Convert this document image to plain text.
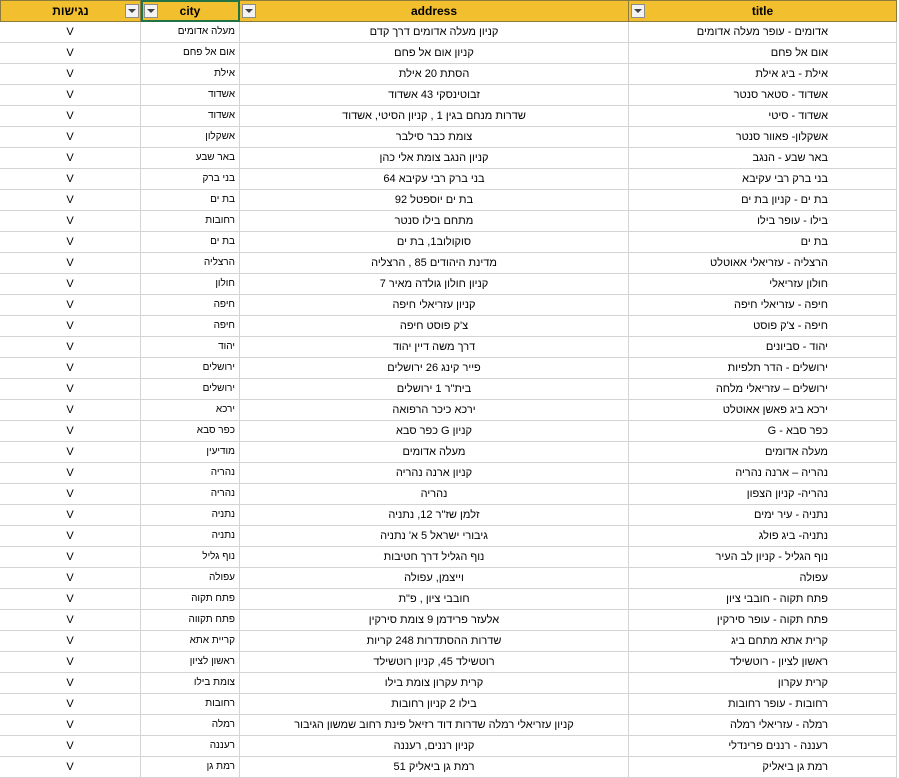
נגישות	city	address	title
V	מעלה אדומים	קניון מעלה אדומים דרך קדם	אדומים - עופר מעלה אדומים
V	אום אל פחם	קניון אום אל פחם	אום אל פחם
V	אילת	הסתת 20 אילת	אילת - ביג אילת
V	אשדוד	זבוטינסקי 43 אשדוד	אשדוד - סטאר סנטר
V	אשדוד	שדרות מנחם בגין 1 , קניון הסיטי, אשדוד	אשדוד - סיטי
V	אשקלון	צומת כבר סילבר	אשקלון- פאוור סנטר
V	באר שבע	קניון הנגב צומת אלי כהן	באר שבע - הנגב
V	בני ברק	בני ברק רבי עקיבא 64	בני ברק רבי עקיבא
V	בת ים	בת ים יוספטל 92	בת ים - קניון בת ים
V	רחובות	מתחם בילו סנטר	בילו - עופר בילו
V	בת ים	סוקולוב1, בת ים	בת ים
V	הרצליה	מדינת היהודים 85 , הרצליה	הרצליה - עזריאלי אאוטלט
V	חולון	קניון חולון גולדה מאיר 7	חולון עזריאלי
V	חיפה	קניון עזריאלי חיפה	חיפה - עזריאלי חיפה
V	חיפה	צ'ק פוסט חיפה	חיפה - צ'ק פוסט
V	יהוד	דרך משה דיין יהוד	יהוד - סביונים
V	ירושלים	פייר קינג 26 ירושלים	ירושלים - הדר תלפיות
V	ירושלים	בית"ר 1 ירושלים	ירושלים – עזריאלי מלחה
V	ירכא	ירכא כיכר הרפואה	ירכא ביג פאשן אאוטלט
V	כפר סבא	קניון G כפר סבא	כפר סבא - G
V	מודיעין	מעלה אדומים	מעלה אדומים
V	נהריה	קניון ארנה נהריה	נהריה – ארנה נהריה
V	נהריה	נהריה	נהריה- קניון הצפון
V	נתניה	זלמן שז"ר 12, נתניה	נתניה - עיר ימים
V	נתניה	גיבורי ישראל 5 א' נתניה	נתניה- ביג פולג
V	נוף גליל	נוף הגליל דרך חטיבות	נוף הגליל - קניון לב העיר
V	עפולה	וייצמן, עפולה	עפולה
V	פתח תקוה	חובבי ציון , פ"ת	פתח תקוה - חובבי ציון
V	פתח תקווה	אלעזר פרידמן 9 צומת סירקין	פתח תקוה - עופר סירקין
V	קריית אתא	שדרות ההסתדרות 248 קריות	קרית אתא מתחם ביג
V	ראשון לציון	רוטשילד 45, קניון רוטשילד	ראשון לציון - רוטשילד
V	צומת בילו	קרית עקרון צומת בילו	קרית עקרון
V	רחובות	בילו 2 קניון רחובות	רחובות - עופר רחובות
V	רמלה	קניון עזריאלי רמלה שדרות דוד רזיאל פינת רחוב שמשון הגיבור	רמלה - עזריאלי רמלה
V	רעננה	קניון רננים, רעננה	רעננה - רננים פרינדלי
V	רמת גן	רמת גן ביאליק 51	רמת גן ביאליק
